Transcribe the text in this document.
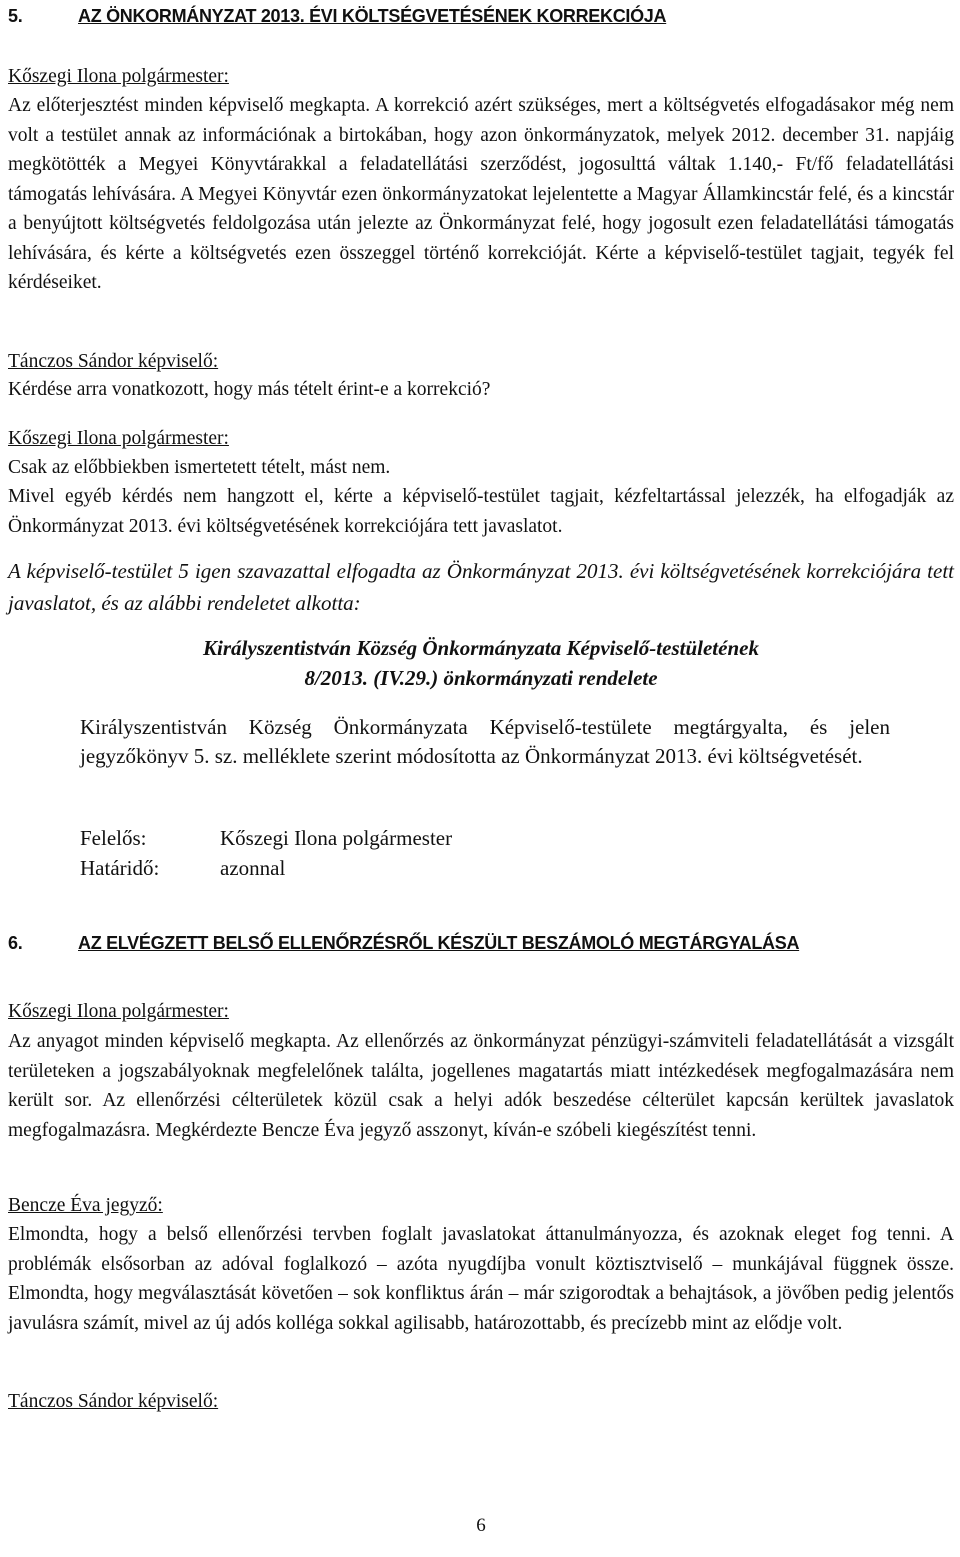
5.	AZ ÖNKORMÁNYZAT 2013. ÉVI KÖLTSÉGVETÉSÉNEK KORREKCIÓJA
Kőszegi Ilona polgármester:

Az előterjesztést minden képviselő megkapta. A korrekció azért szükséges, mert a költségvetés elfogadásakor még nem volt a testület annak az információnak a birtokában, hogy azon önkormányzatok, melyek 2012. december 31. napjáig megkötötték a Megyei Könyvtárakkal a feladatellátási szerződést, jogosulttá váltak 1.140,- Ft/fő feladatellátási támogatás lehívására. A Megyei Könyvtár ezen önkormányzatokat lejelentette a Magyar Államkincstár felé, és a kincstár a benyújtott költségvetés feldolgozása után jelezte az Önkormányzat felé, hogy jogosult ezen feladatellátási támogatás lehívására, és kérte a költségvetés ezen összeggel történő korrekcióját. Kérte a képviselő-testület tagjait, tegyék fel kérdéseiket.

Tánczos Sándor képviselő:

Kérdése arra vonatkozott, hogy más tételt érint-e a korrekció?

Kőszegi Ilona polgármester:

Csak az előbbiekben ismertetett tételt, mást nem.

Mivel egyéb kérdés nem hangzott el, kérte a képviselő-testület tagjait, kézfeltartással jelezzék, ha elfogadják az Önkormányzat 2013. évi költségvetésének korrekciójára tett javaslatot.

A képviselő-testület 5 igen szavazattal elfogadta az Önkormányzat 2013. évi költségvetésének korrekciójára tett javaslatot, és az alábbi rendeletet alkotta:

Királyszentistván Község Önkormányzata Képviselő-testületének
8/2013. (IV.29.) önkormányzati rendelete

Királyszentistván Község Önkormányzata Képviselő-testülete megtárgyalta, és jelen jegyzőkönyv 5. sz. melléklete szerint módosította az Önkormányzat 2013. évi költségvetését.

Felelős:	Kőszegi Ilona polgármester
Határidő:	azonnal
6.	AZ ELVÉGZETT BELSŐ ELLENŐRZÉSRŐL KÉSZÜLT BESZÁMOLÓ MEGTÁRGYALÁSA
Kőszegi Ilona polgármester:

Az anyagot minden képviselő megkapta. Az ellenőrzés az önkormányzat pénzügyi-számviteli feladatellátását a vizsgált területeken a jogszabályoknak megfelelőnek találta, jogellenes magatartás miatt intézkedések megfogalmazására nem került sor. Az ellenőrzési célterületek közül csak a helyi adók beszedése célterület kapcsán kerültek javaslatok megfogalmazásra. Megkérdezte Bencze Éva jegyző asszonyt, kíván-e szóbeli kiegészítést tenni.

Bencze Éva jegyző:

Elmondta, hogy a belső ellenőrzési tervben foglalt javaslatokat áttanulmányozza, és azoknak eleget fog tenni. A problémák elsősorban az adóval foglalkozó – azóta nyugdíjba vonult köztisztviselő – munkájával függnek össze. Elmondta, hogy megválasztását követően – sok konfliktus árán – már szigorodtak a behajtások, a jövőben pedig jelentős javulásra számít, mivel az új adós kolléga sokkal agilisabb, határozottabb, és precízebb mint az elődje volt.

Tánczos Sándor képviselő:
6
